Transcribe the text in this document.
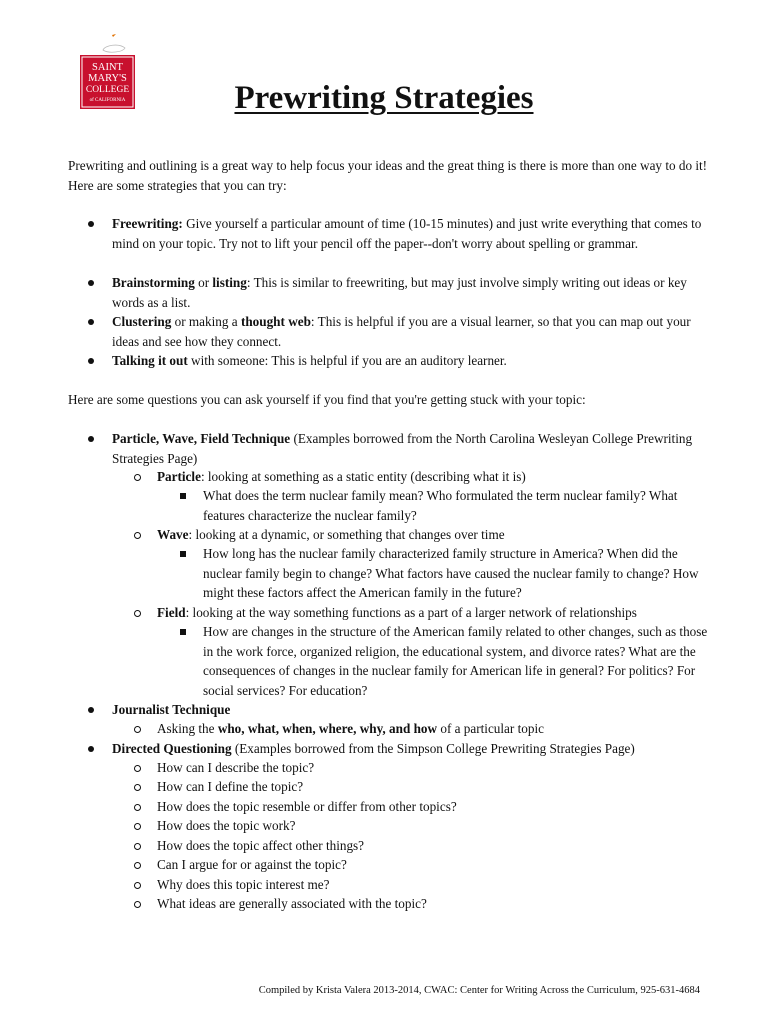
SAINT
MARY'S
COLLEGE
of CALIFORNIA	Prewriting Strategies
Prewriting and outlining is a great way to help focus your ideas and the great thing is there is more than one way to do it! Here are some strategies that you can try:
Freewriting: Give yourself a particular amount of time (10-15 minutes) and just write everything that comes to mind on your topic. Try not to lift your pencil off the paper--don't worry about spelling or grammar.
Brainstorming or listing: This is similar to freewriting, but may just involve simply writing out ideas or key words as a list.
Clustering or making a thought web: This is helpful if you are a visual learner, so that you can map out your ideas and see how they connect.
Talking it out with someone: This is helpful if you are an auditory learner.
Here are some questions you can ask yourself if you find that you're getting stuck with your topic:
Particle, Wave, Field Technique (Examples borrowed from the North Carolina Wesleyan College Prewriting Strategies Page)
Particle: looking at something as a static entity (describing what it is)
What does the term nuclear family mean? Who formulated the term nuclear family? What features characterize the nuclear family?
Wave: looking at a dynamic, or something that changes over time
How long has the nuclear family characterized family structure in America? When did the nuclear family begin to change? What factors have caused the nuclear family to change? How might these factors affect the American family in the future?
Field: looking at the way something functions as a part of a larger network of relationships
How are changes in the structure of the American family related to other changes, such as those in the work force, organized religion, the educational system, and divorce rates? What are the consequences of changes in the nuclear family for American life in general? For politics? For social services? For education?
Journalist Technique
Asking the who, what, when, where, why, and how of a particular topic
Directed Questioning (Examples borrowed from the Simpson College Prewriting Strategies Page)
How can I describe the topic?
How can I define the topic?
How does the topic resemble or differ from other topics?
How does the topic work?
How does the topic affect other things?
Can I argue for or against the topic?
Why does this topic interest me?
What ideas are generally associated with the topic?
Compiled by Krista Valera 2013-2014, CWAC: Center for Writing Across the Curriculum, 925-631-4684
